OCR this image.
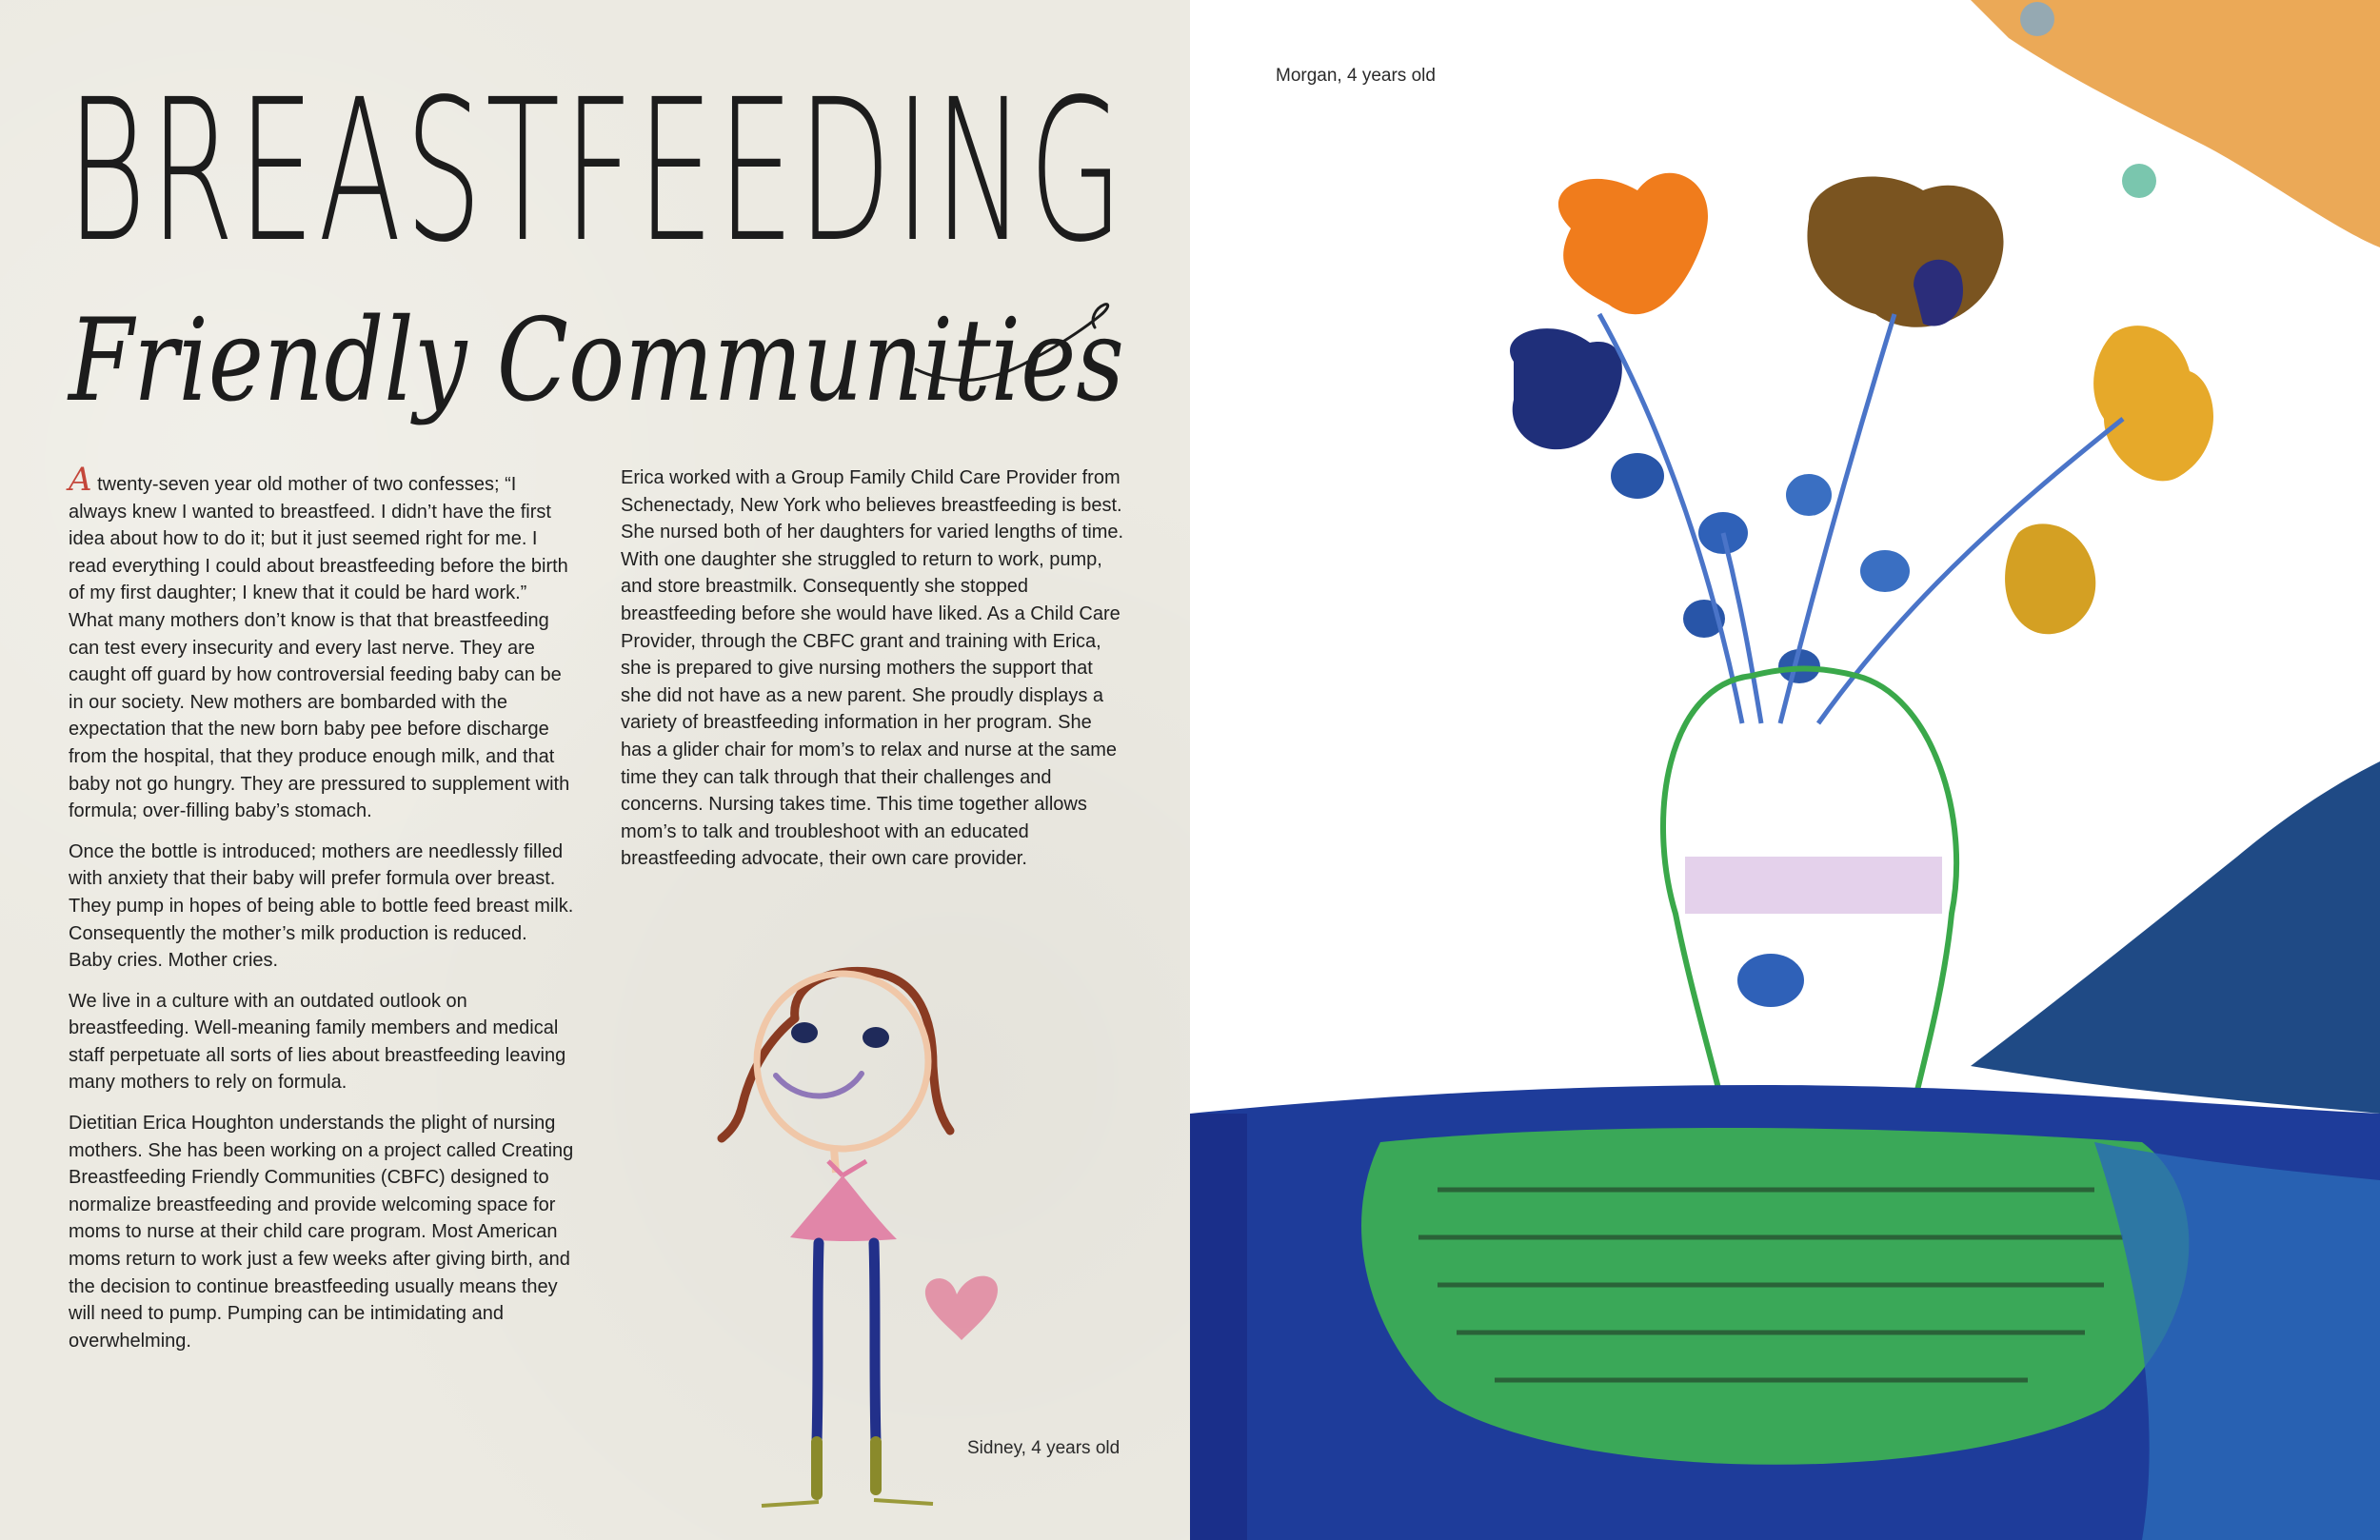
BREASTFEEDING
Friendly Communities

A twenty-seven year old mother of two confesses; “I always knew I wanted to breastfeed. I didn’t have the first idea about how to do it; but it just seemed right for me. I read everything I could about breastfeeding before the birth of my first daughter; I knew that it could be hard work.” What many mothers don’t know is that that breastfeeding can test every insecurity and every last nerve. They are caught off guard by how controversial feeding baby can be in our society. New mothers are bombarded with the expectation that the new born baby pee before discharge from the hospital, that they produce enough milk, and that baby not go hungry. They are pressured to supplement with formula; over-filling baby’s stomach.

Once the bottle is introduced; mothers are needlessly filled with anxiety that their baby will prefer formula over breast. They pump in hopes of being able to bottle feed breast milk. Consequently the mother’s milk production is reduced. Baby cries. Mother cries.

We live in a culture with an outdated outlook on breastfeeding. Well-meaning family members and medical staff perpetuate all sorts of lies about breastfeeding leaving many mothers to rely on formula.

Dietitian Erica Houghton understands the plight of nursing mothers. She has been working on a project called Creating Breastfeeding Friendly Communities (CBFC) designed to normalize breastfeeding and provide welcoming space for moms to nurse at their child care program. Most American moms return to work just a few weeks after giving birth, and the decision to continue breastfeeding usually means they will need to pump. Pumping can be intimidating and overwhelming.

Erica worked with a Group Family Child Care Provider from Schenectady, New York who believes breastfeeding is best. She nursed both of her daughters for varied lengths of time. With one daughter she struggled to return to work, pump, and store breastmilk. Consequently she stopped breastfeeding before she would have liked. As a Child Care Provider, through the CBFC grant and training with Erica, she is prepared to give nursing mothers the support that she did not have as a new parent. She proudly displays a variety of breastfeeding information in her program. She has a glider chair for mom’s to relax and nurse at the same time they can talk through that their challenges and concerns. Nursing takes time. This time together allows mom’s to talk and troubleshoot with an educated breastfeeding advocate, their own care provider.

Sidney, 4 years old
Morgan, 4 years old
